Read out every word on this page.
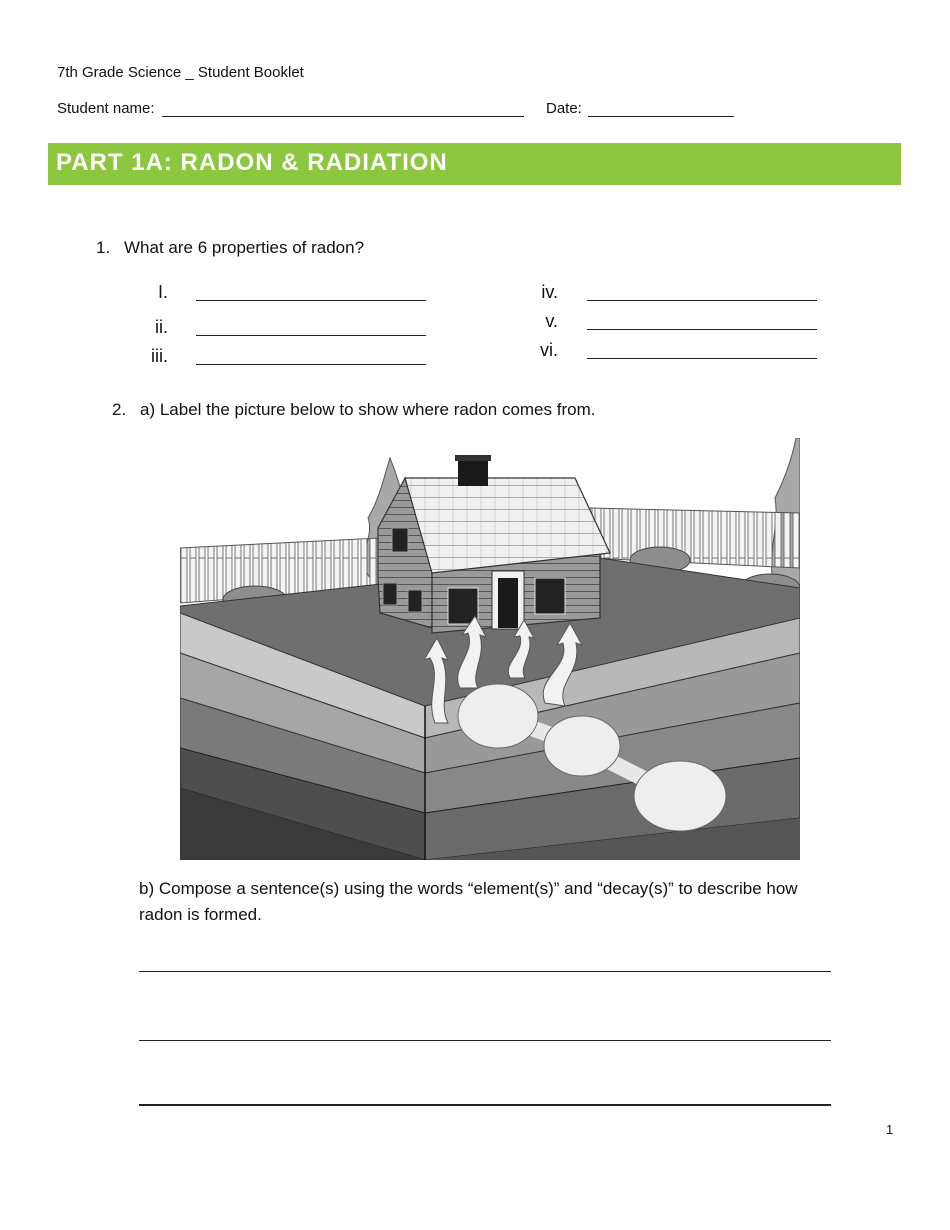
7th Grade Science _ Student Booklet
Student name:	Date:
PART 1A: RADON & RADIATION
1. What are 6 properties of radon?
I.
ii.
iii.
iv.
v.
vi.
2. a) Label the picture below to show where radon comes from.
b) Compose a sentence(s) using the words “element(s)” and “decay(s)” to describe how radon is formed.
1
